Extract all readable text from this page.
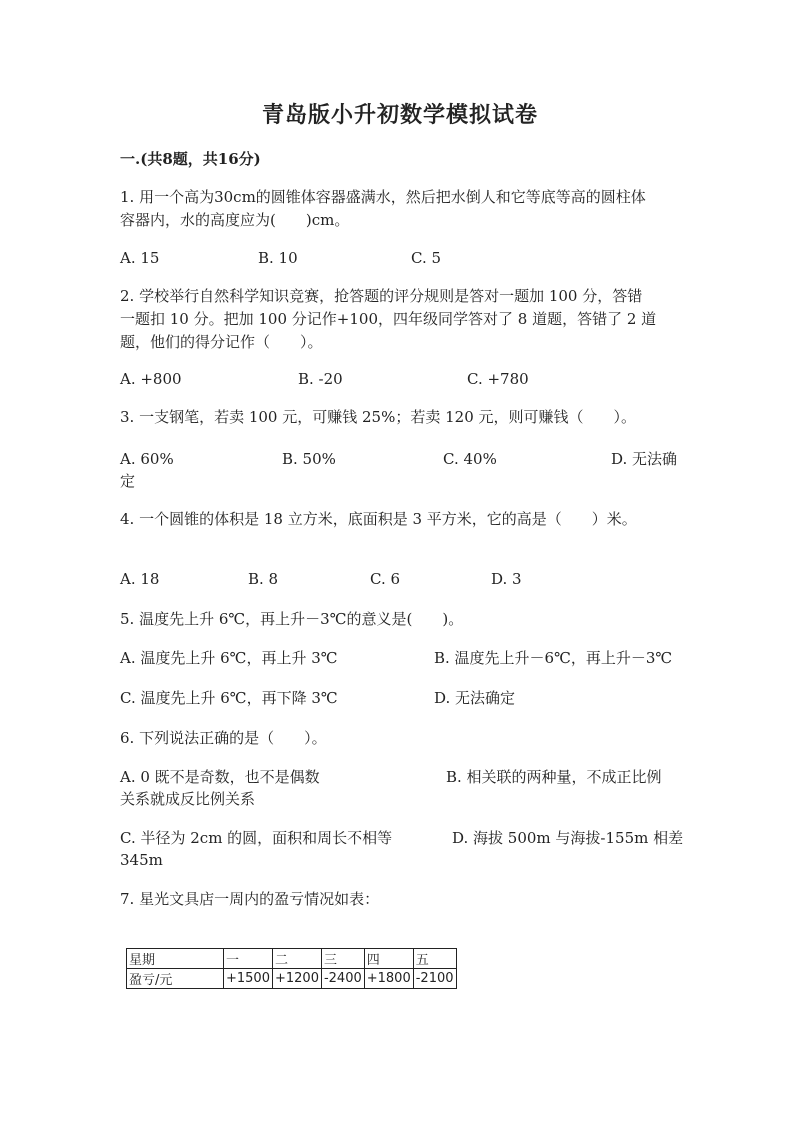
青岛版小升初数学模拟试卷
一.(共8题，共16分)
1. 用一个高为30cm的圆锥体容器盛满水，然后把水倒人和它等底等高的圆柱体
容器内，水的高度应为(　　)cm。
A. 15	B. 10	C. 5
2. 学校举行自然科学知识竞赛，抢答题的评分规则是答对一题加 100 分，答错
一题扣 10 分。把加 100 分记作+100，四年级同学答对了 8 道题，答错了 2 道
题，他们的得分记作（　　）。
A. +800	B. -20	C. +780
3. 一支钢笔，若卖 100 元，可赚钱 25%；若卖 120 元，则可赚钱（　　）。
A. 60%	B. 50%	C. 40%	D. 无法确
定
4. 一个圆锥的体积是 18 立方米，底面积是 3 平方米，它的高是（　　）米。
A. 18	B. 8	C. 6	D. 3
5. 温度先上升 6℃，再上升－3℃的意义是(　　)。
A. 温度先上升 6℃，再上升 3℃	B. 温度先上升－6℃，再上升－3℃
C. 温度先上升 6℃，再下降 3℃	D. 无法确定
6. 下列说法正确的是（　　）。
A. 0 既不是奇数，也不是偶数	B. 相关联的两种量，不成正比例
关系就成反比例关系
C. 半径为 2cm 的圆，面积和周长不相等	D. 海拔 500m 与海拔-155m 相差
345m
7. 星光文具店一周内的盈亏情况如表：
星期	一	二	三	四	五
盈亏/元	+1500	+1200	-2400	+1800	-2100
